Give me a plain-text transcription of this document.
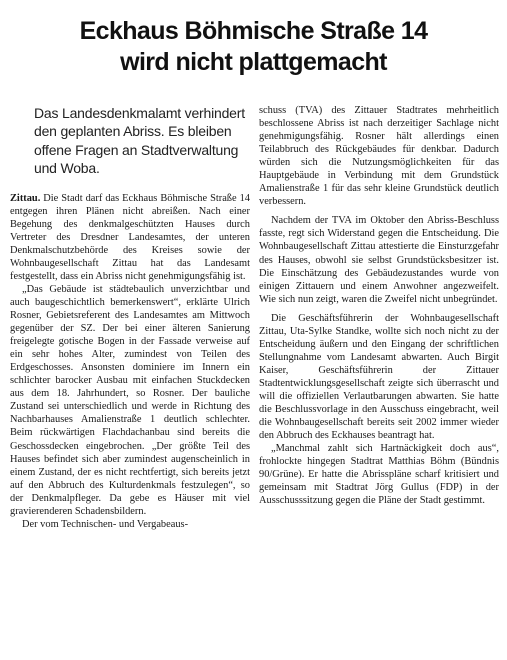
Eckhaus Böhmische Straße 14
wird nicht plattgemacht
Das Landesdenkmalamt verhindert den geplanten Abriss. Es bleiben offene Fragen an Stadtverwaltung und Woba.

Zittau. Die Stadt darf das Eckhaus Böhmische Straße 14 entgegen ihren Plänen nicht abreißen. Nach einer Begehung des denkmalgeschützten Hauses durch Vertreter des Dresdner Landesamtes, der unteren Denkmalschutzbehörde des Kreises sowie der Wohnbaugesellschaft Zittau hat das Landesamt festgestellt, dass ein Abriss nicht genehmigungsfähig ist.

„Das Gebäude ist städtebaulich unverzichtbar und auch baugeschichtlich bemerkenswert“, erklärte Ulrich Rosner, Gebietsreferent des Landesamtes am Mittwoch gegenüber der SZ. Der bei einer älteren Sanierung freigelegte gotische Bogen in der Fassade verweise auf ein sehr hohes Alter, zumindest von Teilen des Erdgeschosses. Ansonsten dominiere im Innern ein schlichter barocker Ausbau mit einfachen Stuckdecken aus dem 18. Jahrhundert, so Rosner. Der bauliche Zustand sei unterschiedlich und werde in Richtung des Nachbarhauses Amalienstraße 1 deutlich schlechter. Beim rückwärtigen Flachdachanbau sind bereits die Geschossdecken eingebrochen. „Der größte Teil des Hauses befindet sich aber zumindest augenscheinlich in einem Zustand, der es nicht rechtfertigt, sich bereits jetzt auf den Abbruch des Kulturdenkmals festzulegen“, so der Denkmalpfleger. Da gebe es Häuser mit viel gravierenderen Schadensbildern.

Der vom Technischen- und Vergabeaus-

schuss (TVA) des Zittauer Stadtrates mehrheitlich beschlossene Abriss ist nach derzeitiger Sachlage nicht genehmigungsfähig. Rosner hält allerdings einen Teilabbruch des Rückgebäudes für denkbar. Dadurch würden sich die Nutzungsmöglichkeiten für das Hauptgebäude in Verbindung mit dem Grundstück Amalienstraße 1 für das sehr kleine Grundstück deutlich verbessern.

Nachdem der TVA im Oktober den Abriss-Beschluss fasste, regt sich Widerstand gegen die Entscheidung. Die Wohnbaugesellschaft Zittau attestierte die Einsturzgefahr des Hauses, obwohl sie selbst Grundstücksbesitzer ist. Die Einschätzung des Gebäudezustandes wurde von einigen Zittauern und einem Anwohner angezweifelt. Wie sich nun zeigt, waren die Zweifel nicht unbegründet.

Die Geschäftsführerin der Wohnbaugesellschaft Zittau, Uta-Sylke Standke, wollte sich noch nicht zu der Entscheidung äußern und den Eingang der schriftlichen Stellungnahme vom Landesamt abwarten. Auch Birgit Kaiser, Geschäftsführerin der Zittauer Stadtentwicklungsgesellschaft zeigte sich überrascht und will die offiziellen Verlautbarungen abwarten. Sie hatte die Beschlussvorlage in den Ausschuss eingebracht, weil die Wohnbaugesellschaft bereits seit 2002 immer wieder den Abbruch des Eckhauses beantragt hat.

„Manchmal zahlt sich Hartnäckigkeit doch aus“, frohlockte hingegen Stadtrat Matthias Böhm (Bündnis 90/Grüne). Er hatte die Abrisspläne scharf kritisiert und gemeinsam mit Stadtrat Jörg Gullus (FDP) in der Ausschusssitzung gegen die Pläne der Stadt gestimmt.
